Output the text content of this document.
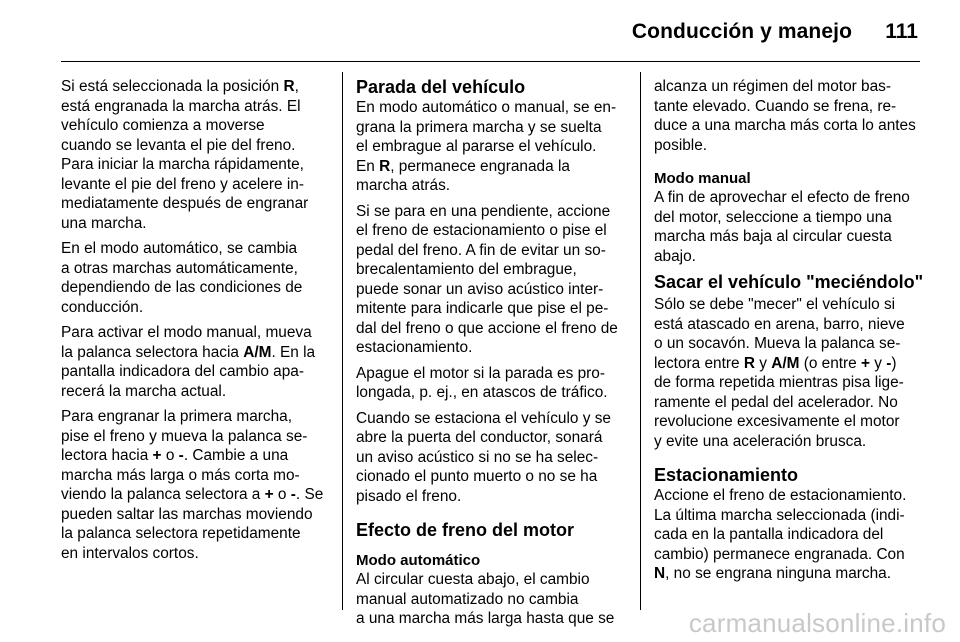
Conducción y manejo 111

Si está seleccionada la posición R,
está engranada la marcha atrás. El
vehículo comienza a moverse
cuando se levanta el pie del freno.
Para iniciar la marcha rápidamente,
levante el pie del freno y acelere in-
mediatamente después de engranar
una marcha.

En el modo automático, se cambia
a otras marchas automáticamente,
dependiendo de las condiciones de
conducción.

Para activar el modo manual, mueva
la palanca selectora hacia A/M. En la
pantalla indicadora del cambio apa-
recerá la marcha actual.

Para engranar la primera marcha,
pise el freno y mueva la palanca se-
lectora hacia + o -. Cambie a una
marcha más larga o más corta mo-
viendo la palanca selectora a + o -. Se
pueden saltar las marchas moviendo
la palanca selectora repetidamente
en intervalos cortos.

Parada del vehículo

En modo automático o manual, se en-
grana la primera marcha y se suelta
el embrague al pararse el vehículo.
En R, permanece engranada la
marcha atrás.

Si se para en una pendiente, accione
el freno de estacionamiento o pise el
pedal del freno. A fin de evitar un so-
brecalentamiento del embrague,
puede sonar un aviso acústico inter-
mitente para indicarle que pise el pe-
dal del freno o que accione el freno de
estacionamiento.

Apague el motor si la parada es pro-
longada, p. ej., en atascos de tráfico.

Cuando se estaciona el vehículo y se
abre la puerta del conductor, sonará
un aviso acústico si no se ha selec-
cionado el punto muerto o no se ha
pisado el freno.

Efecto de freno del motor
Modo automático

Al circular cuesta abajo, el cambio
manual automatizado no cambia
a una marcha más larga hasta que se

alcanza un régimen del motor bas-
tante elevado. Cuando se frena, re-
duce a una marcha más corta lo antes
posible.

Modo manual

A fin de aprovechar el efecto de freno
del motor, seleccione a tiempo una
marcha más baja al circular cuesta
abajo.

Sacar el vehículo "meciéndolo"

Sólo se debe "mecer" el vehículo si
está atascado en arena, barro, nieve
o un socavón. Mueva la palanca se-
lectora entre R y A/M (o entre + y -)
de forma repetida mientras pisa lige-
ramente el pedal del acelerador. No
revolucione excesivamente el motor
y evite una aceleración brusca.

Estacionamiento

Accione el freno de estacionamiento.
La última marcha seleccionada (indi-
cada en la pantalla indicadora del
cambio) permanece engranada. Con
N, no se engrana ninguna marcha.

carmanualsonline.info
